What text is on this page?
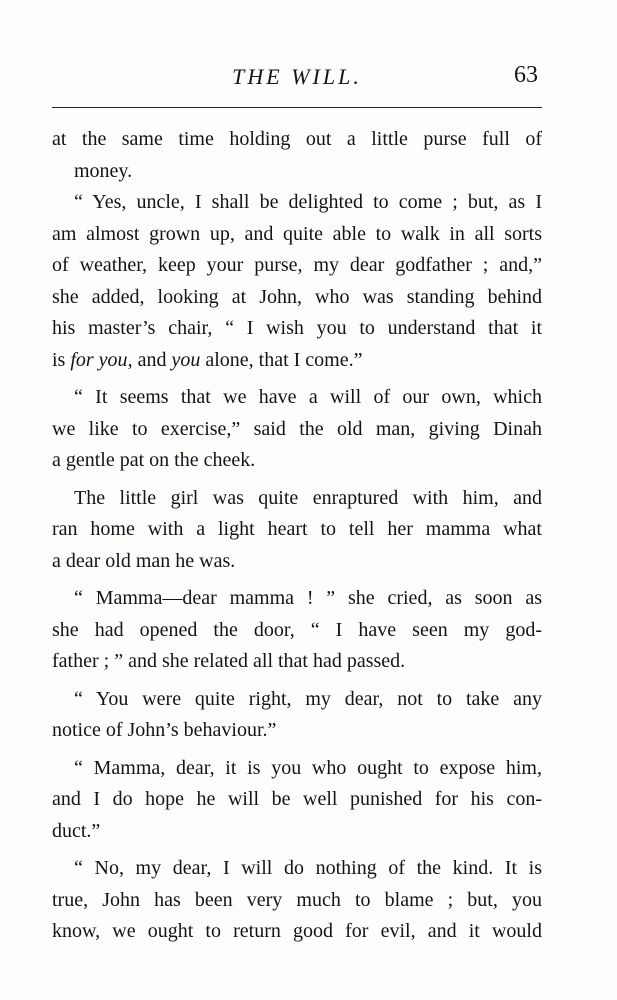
THE WILL.	63
at the same time holding out a little purse full of
money.
“ Yes, uncle, I shall be delighted to come ; but, as I
am almost grown up, and quite able to walk in all sorts
of weather, keep your purse, my dear godfather ; and,”
she added, looking at John, who was standing behind
his master’s chair, “ I wish you to understand that it
is for you, and you alone, that I come.”
“ It seems that we have a will of our own, which
we like to exercise,” said the old man, giving Dinah
a gentle pat on the cheek.
The little girl was quite enraptured with him, and
ran home with a light heart to tell her mamma what
a dear old man he was.
“ Mamma—dear mamma ! ” she cried, as soon as
she had opened the door, “ I have seen my god-
father ; ” and she related all that had passed.
“ You were quite right, my dear, not to take any
notice of John’s behaviour.”
“ Mamma, dear, it is you who ought to expose him,
and I do hope he will be well punished for his con-
duct.”
“ No, my dear, I will do nothing of the kind. It is
true, John has been very much to blame ; but, you
know, we ought to return good for evil, and it would
